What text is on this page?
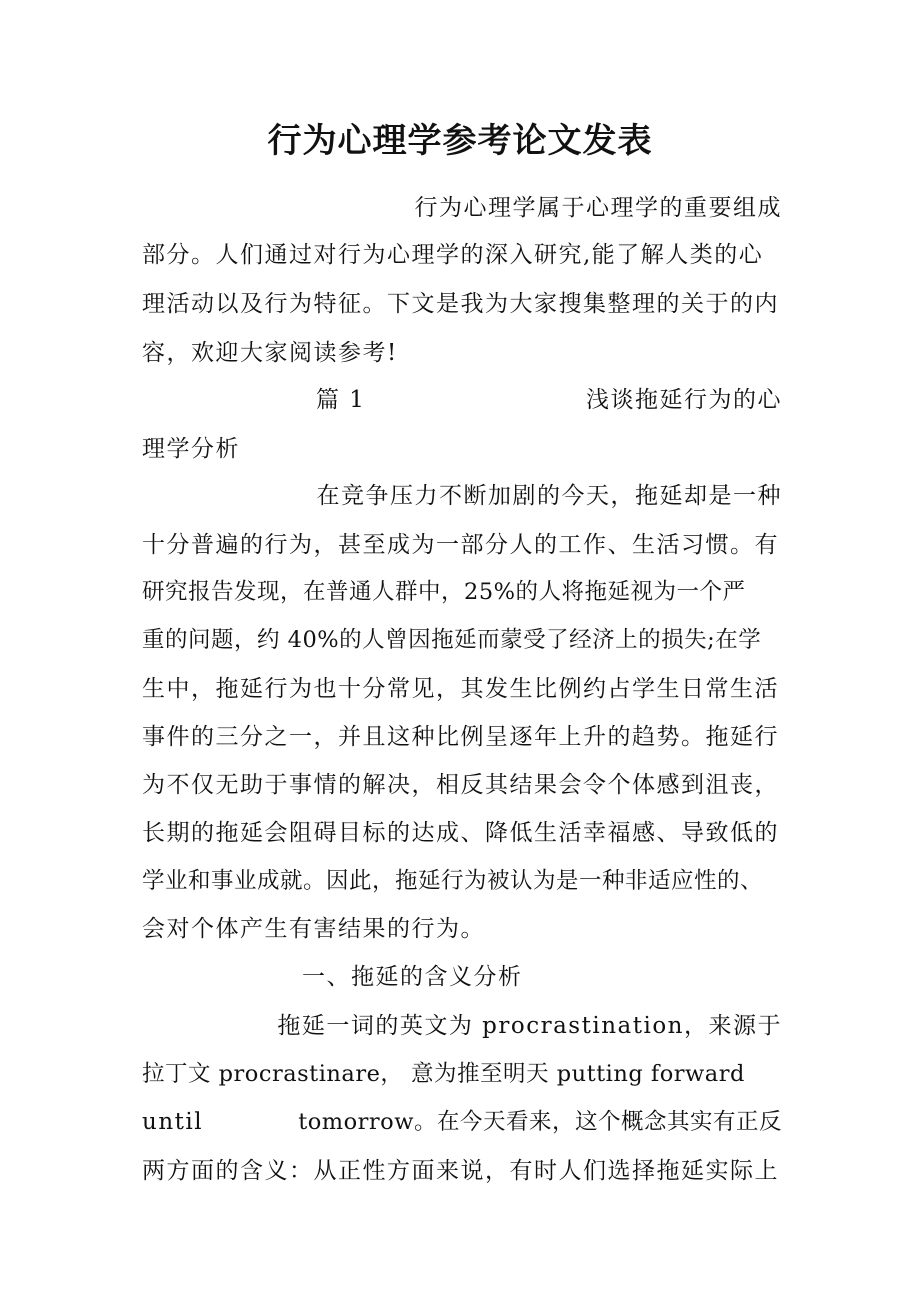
行为心理学参考论文发表
行为心理学属于心理学的重要组成
部分。人们通过对行为心理学的深入研究,能了解人类的心
理活动以及行为特征。下文是我为大家搜集整理的关于的内
容，欢迎大家阅读参考!
篇 1	浅谈拖延行为的心
理学分析
在竞争压力不断加剧的今天，拖延却是一种
十分普遍的行为，甚至成为一部分人的工作、生活习惯。有
研究报告发现，在普通人群中，25%的人将拖延视为一个严
重的问题，约 40%的人曾因拖延而蒙受了经济上的损失;在学
生中，拖延行为也十分常见，其发生比例约占学生日常生活
事件的三分之一，并且这种比例呈逐年上升的趋势。拖延行
为不仅无助于事情的解决，相反其结果会令个体感到沮丧，
长期的拖延会阻碍目标的达成、降低生活幸福感、导致低的
学业和事业成就。因此，拖延行为被认为是一种非适应性的、
会对个体产生有害结果的行为。
一、拖延的含义分析
拖延一词的英文为 procrastination，来源于
拉丁文 procrastinare， 意为推至明天 putting forward
until	tomorrow。在今天看来，这个概念其实有正反
两方面的含义：从正性方面来说，有时人们选择拖延实际上
